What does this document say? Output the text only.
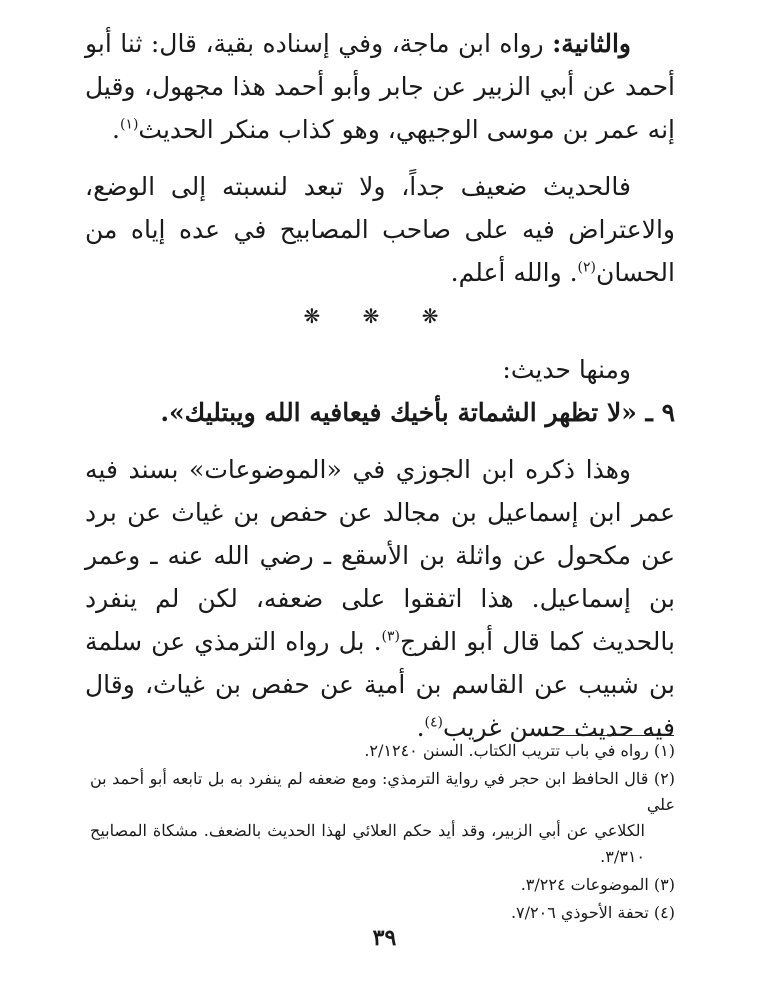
والثانية: رواه ابن ماجة، وفي إسناده بقية، قال: ثنا أبو أحمد عن أبي الزبير عن جابر وأبو أحمد هذا مجهول، وقيل إنه عمر بن موسى الوجيهي، وهو كذاب منكر الحديث$^{(١)}$.

فالحديث ضعيف جداً، ولا تبعد لنسبته إلى الوضع، والاعتراض فيه على صاحب المصابيح في عده إياه من الحسان$^{(٢)}$. والله أعلم.

❋ ❋ ❋

ومنها حديث:

٩ ـ «لا تظهر الشماتة بأخيك فيعافيه الله ويبتليك».

وهذا ذكره ابن الجوزي في «الموضوعات» بسند فيه عمر ابن إسماعيل بن مجالد عن حفص بن غياث عن برد عن مكحول عن واثلة بن الأسقع ـ رضي الله عنه ـ وعمر بن إسماعيل. هذا اتفقوا على ضعفه، لكن لم ينفرد بالحديث كما قال أبو الفرج$^{(٣)}$. بل رواه الترمذي عن سلمة بن شبيب عن القاسم بن أمية عن حفص بن غياث، وقال فيه حديث حسن غريب$^{(٤)}$.

(١) رواه في باب تتريب الكتاب. السنن ٢/١٢٤٠.

(٢) قال الحافظ ابن حجر في رواية الترمذي: ومع ضعفه لم ينفرد به بل تابعه أبو أحمد بن علي
الكلاعي عن أبي الزبير، وقد أيد حكم العلائي لهذا الحديث بالضعف. مشكاة المصابيح ٣/٣١٠.

(٣) الموضوعات ٣/٢٢٤.

(٤) تحفة الأحوذي ٧/٢٠٦.

٣٩
